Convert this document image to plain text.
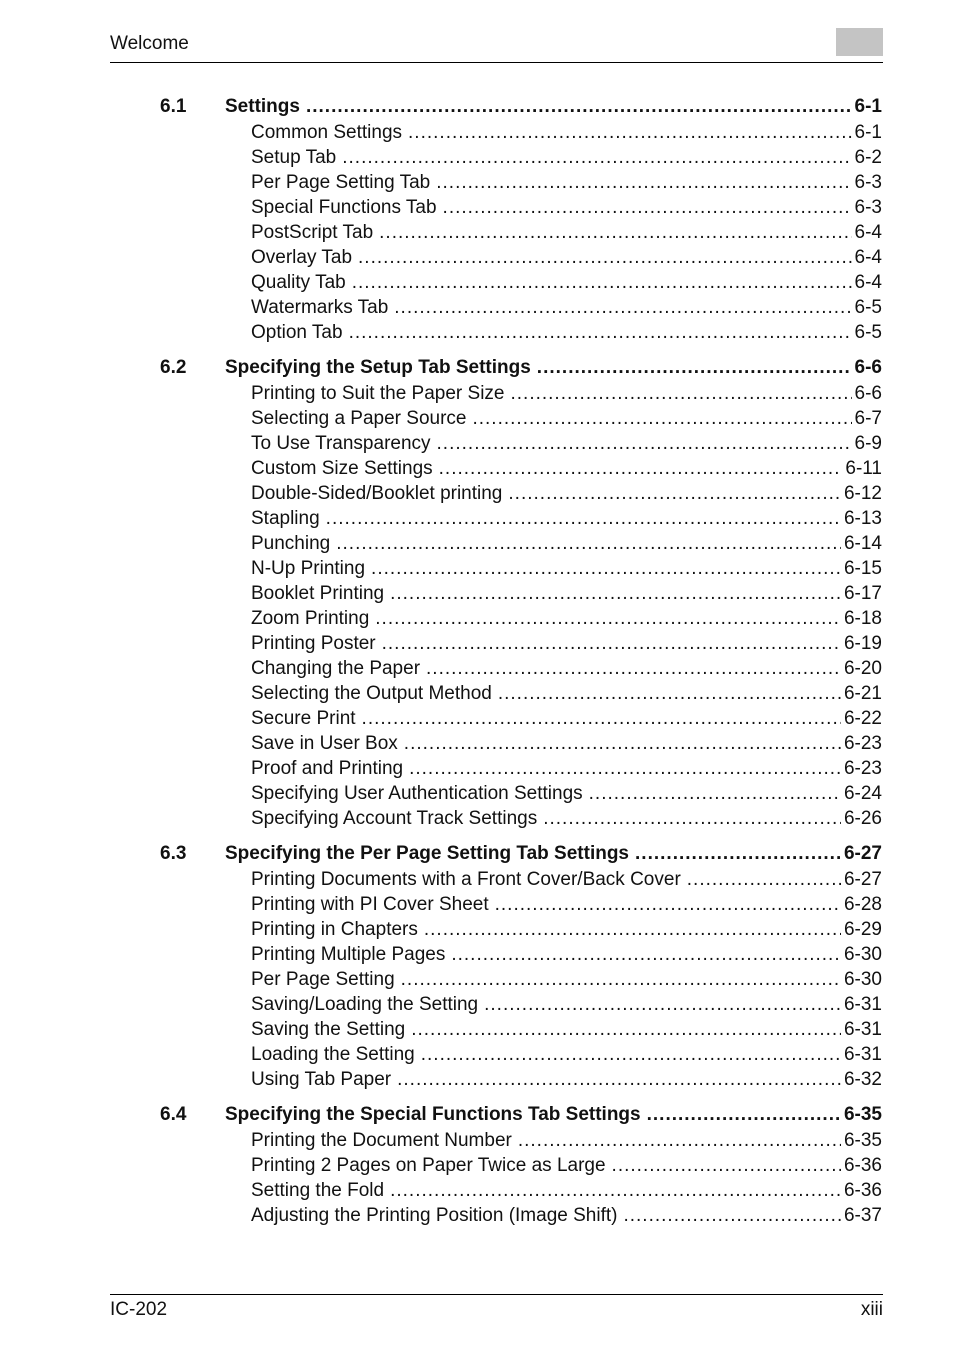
Welcome
6.1	Settings .....	6-1
Common Settings .....	6-1
Setup Tab .....	6-2
Per Page Setting Tab .....	6-3
Special Functions Tab .....	6-3
PostScript Tab .....	6-4
Overlay Tab .....	6-4
Quality Tab .....	6-4
Watermarks Tab .....	6-5
Option Tab .....	6-5
6.2	Specifying the Setup Tab Settings .....	6-6
Printing to Suit the Paper Size .....	6-6
Selecting a Paper Source .....	6-7
To Use Transparency .....	6-9
Custom Size Settings .....	6-11
Double-Sided/Booklet printing .....	6-12
Stapling .....	6-13
Punching .....	6-14
N-Up Printing .....	6-15
Booklet Printing .....	6-17
Zoom Printing .....	6-18
Printing Poster .....	6-19
Changing the Paper .....	6-20
Selecting the Output Method .....	6-21
Secure Print .....	6-22
Save in User Box .....	6-23
Proof and Printing .....	6-23
Specifying User Authentication Settings .....	6-24
Specifying Account Track Settings .....	6-26
6.3	Specifying the Per Page Setting Tab Settings .....	6-27
Printing Documents with a Front Cover/Back Cover .....	6-27
Printing with PI Cover Sheet .....	6-28
Printing in Chapters .....	6-29
Printing Multiple Pages .....	6-30
Per Page Setting .....	6-30
Saving/Loading the Setting .....	6-31
Saving the Setting .....	6-31
Loading the Setting .....	6-31
Using Tab Paper .....	6-32
6.4	Specifying the Special Functions Tab Settings .....	6-35
Printing the Document Number .....	6-35
Printing 2 Pages on Paper Twice as Large .....	6-36
Setting the Fold .....	6-36
Adjusting the Printing Position (Image Shift) .....	6-37
IC-202	xiii
